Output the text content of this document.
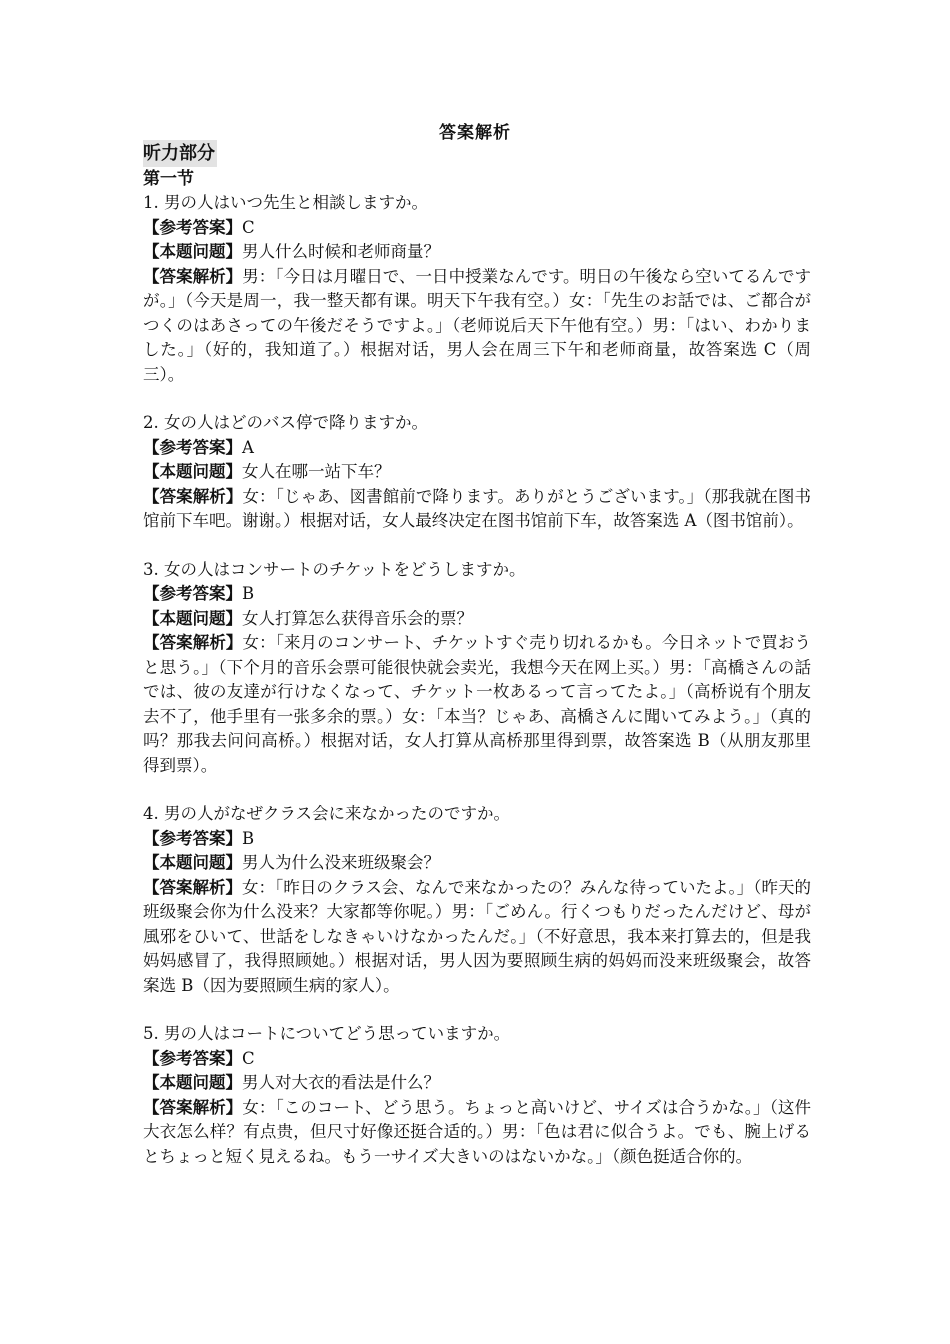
答案解析
听力部分
第一节
1. 男の人はいつ先生と相談しますか。
【参考答案】C
【本题问题】男人什么时候和老师商量？
【答案解析】男：「今日は月曜日で、一日中授業なんです。明日の午後なら空いてるんですが。」（今天是周一，我一整天都有课。明天下午我有空。）女：「先生のお話では、ご都合がつくのはあさっての午後だそうですよ。」（老师说后天下午他有空。）男：「はい、わかりました。」（好的，我知道了。）根据对话，男人会在周三下午和老师商量，故答案选 C（周三）。
2. 女の人はどのバス停で降りますか。
【参考答案】A
【本题问题】女人在哪一站下车？
【答案解析】女：「じゃあ、図書館前で降ります。ありがとうございます。」（那我就在图书馆前下车吧。谢谢。）根据对话，女人最终决定在图书馆前下车，故答案选 A（图书馆前）。
3. 女の人はコンサートのチケットをどうしますか。
【参考答案】B
【本题问题】女人打算怎么获得音乐会的票？
【答案解析】女：「来月のコンサート、チケットすぐ売り切れるかも。今日ネットで買おうと思う。」（下个月的音乐会票可能很快就会卖光，我想今天在网上买。）男：「高橋さんの話では、彼の友達が行けなくなって、チケット一枚あるって言ってたよ。」（高桥说有个朋友去不了，他手里有一张多余的票。）女：「本当？じゃあ、高橋さんに聞いてみよう。」（真的吗？那我去问问高桥。）根据对话，女人打算从高桥那里得到票，故答案选 B（从朋友那里得到票）。
4. 男の人がなぜクラス会に来なかったのですか。
【参考答案】B
【本题问题】男人为什么没来班级聚会？
【答案解析】女：「昨日のクラス会、なんで来なかったの？みんな待っていたよ。」（昨天的班级聚会你为什么没来？大家都等你呢。）男：「ごめん。行くつもりだったんだけど、母が風邪をひいて、世話をしなきゃいけなかったんだ。」（不好意思，我本来打算去的，但是我妈妈感冒了，我得照顾她。）根据对话，男人因为要照顾生病的妈妈而没来班级聚会，故答案选 B（因为要照顾生病的家人）。
5. 男の人はコートについてどう思っていますか。
【参考答案】C
【本题问题】男人对大衣的看法是什么？
【答案解析】女：「このコート、どう思う。ちょっと高いけど、サイズは合うかな。」（这件大衣怎么样？有点贵，但尺寸好像还挺合适的。）男：「色は君に似合うよ。でも、腕上げるとちょっと短く見えるね。もう一サイズ大きいのはないかな。」（颜色挺适合你的。
